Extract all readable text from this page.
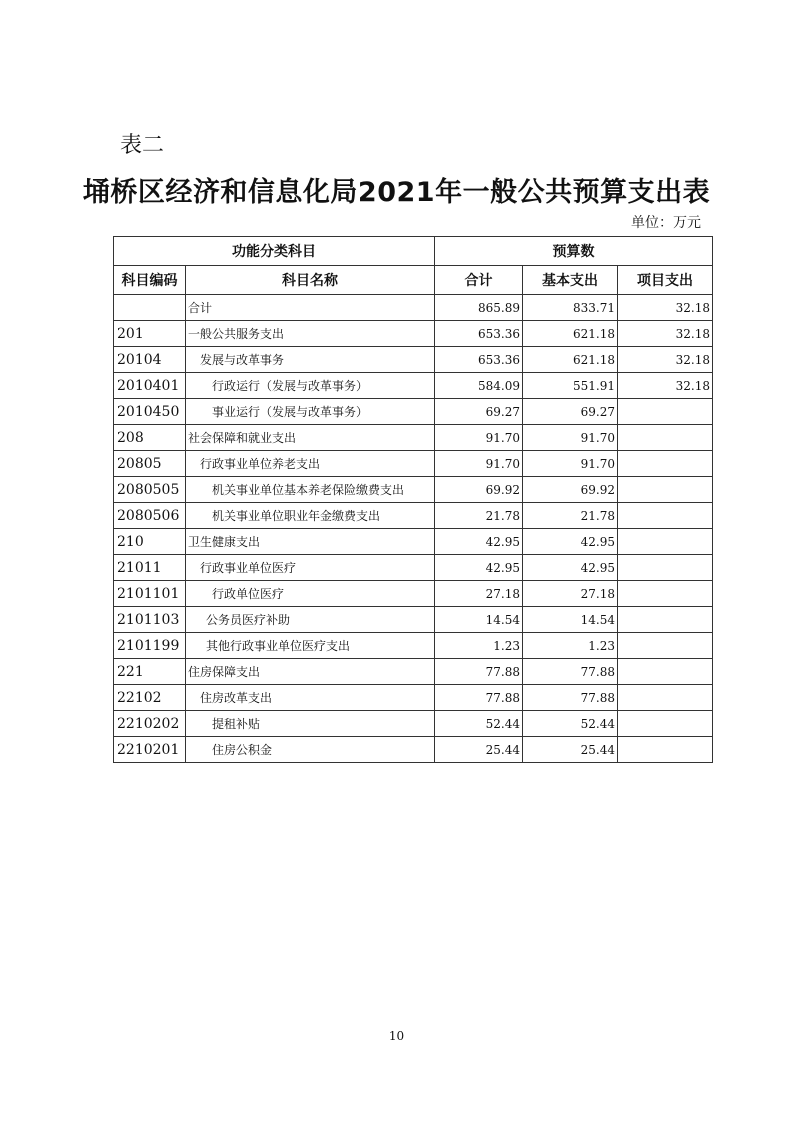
表二
埇桥区经济和信息化局2021年一般公共预算支出表
单位：万元
功能分类科目		预算数		
科目编码	科目名称	合计	基本支出	项目支出
	合计	865.89	833.71	32.18
201	一般公共服务支出	653.36	621.18	32.18
20104	发展与改革事务	653.36	621.18	32.18
2010401	行政运行（发展与改革事务）	584.09	551.91	32.18
2010450	事业运行（发展与改革事务）	69.27	69.27	
208	社会保障和就业支出	91.70	91.70	
20805	行政事业单位养老支出	91.70	91.70	
2080505	机关事业单位基本养老保险缴费支出	69.92	69.92	
2080506	机关事业单位职业年金缴费支出	21.78	21.78	
210	卫生健康支出	42.95	42.95	
21011	行政事业单位医疗	42.95	42.95	
2101101	行政单位医疗	27.18	27.18	
2101103	公务员医疗补助	14.54	14.54	
2101199	其他行政事业单位医疗支出	1.23	1.23	
221	住房保障支出	77.88	77.88	
22102	住房改革支出	77.88	77.88	
2210202	提租补贴	52.44	52.44	
2210201	住房公积金	25.44	25.44	
10
